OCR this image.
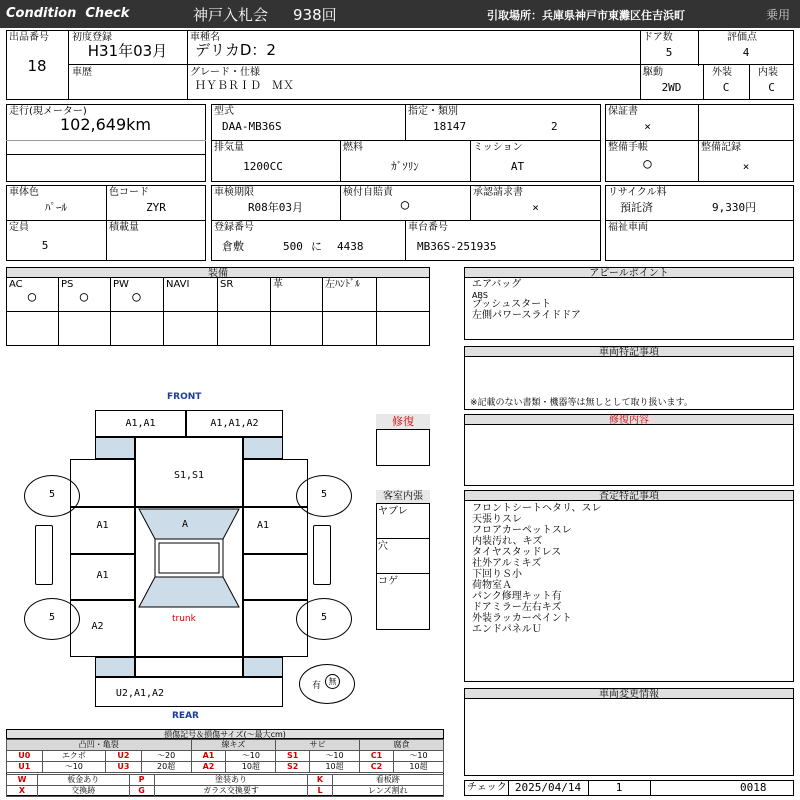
Condition  Check	神戸入札会 938回	引取場所：兵庫県神戸市東灘区住吉浜町	乗用
出品番号
18
初度登録
H31年03月
車歴
車種名
デリカD：2
グレード・仕様
ＨＹＢＲＩＤ　ＭＸ
ドア数
5
評価点
4
駆動
2WD
外装
C
内装
C
走行(現メーター)
102,649km
型式
DAA-MB36S
指定・類別
18147	2
排気量
1200CC
燃料
ｶﾞｿﾘﾝ
ミッション
AT
保証書
×
整備手帳
○
整備記録
×
車体色
ﾊﾟｰﾙ
色コード
ZYR
定員
5
積載量
車検期限
R08年03月
検付自賠責
○
承認請求書
×
登録番号
倉敷	500 に 4438
車台番号
MB36S-251935
リサイクル料
預託済	9,330円
福祉車両
装備
AC
○
PS
○
PW
○
NAVI	SR	革	左ﾊﾝﾄﾞﾙ
アピールポイント
エアバッグ
ABS
プッシュスタート
左側パワースライドドア
車両特記事項
※記載のない書類・機器等は無しとして取り扱います。
修復内容
査定特記事項
フロントシートヘタリ、スレ
天張りスレ
フロアカーペットスレ
内装汚れ、キズ
タイヤスタッドレス
社外アルミキズ
下回りＳ小
荷物室Ａ
パンク修理キット有
ドアミラー左右キズ
外装ラッカーペイント
エンドパネルＵ
車両変更情報
チェック 2025/04/14	1	0018
修復
客室内張
ヤブレ
穴
コゲ
FRONT
REAR
A1,A1	A1,A1,A2
S1,S1
A1
A1
A2
A1
A
trunk
U2,A1,A2
5	5
5	5
有 無
損傷記号＆損傷サイズ(〜最大cm)
凸凹・亀裂				線キズ		サビ		腐食	
U0	エクボ	U2	〜20	A1	〜10	S1	〜10	C1	〜10
U1	〜10	U3	20超	A2	10超	S2	10超	C2	10超
W	板金あり	P	塗装あり	K	看板跡
X	交換跡	G	ガラス交換要す	L	レンズ割れ
